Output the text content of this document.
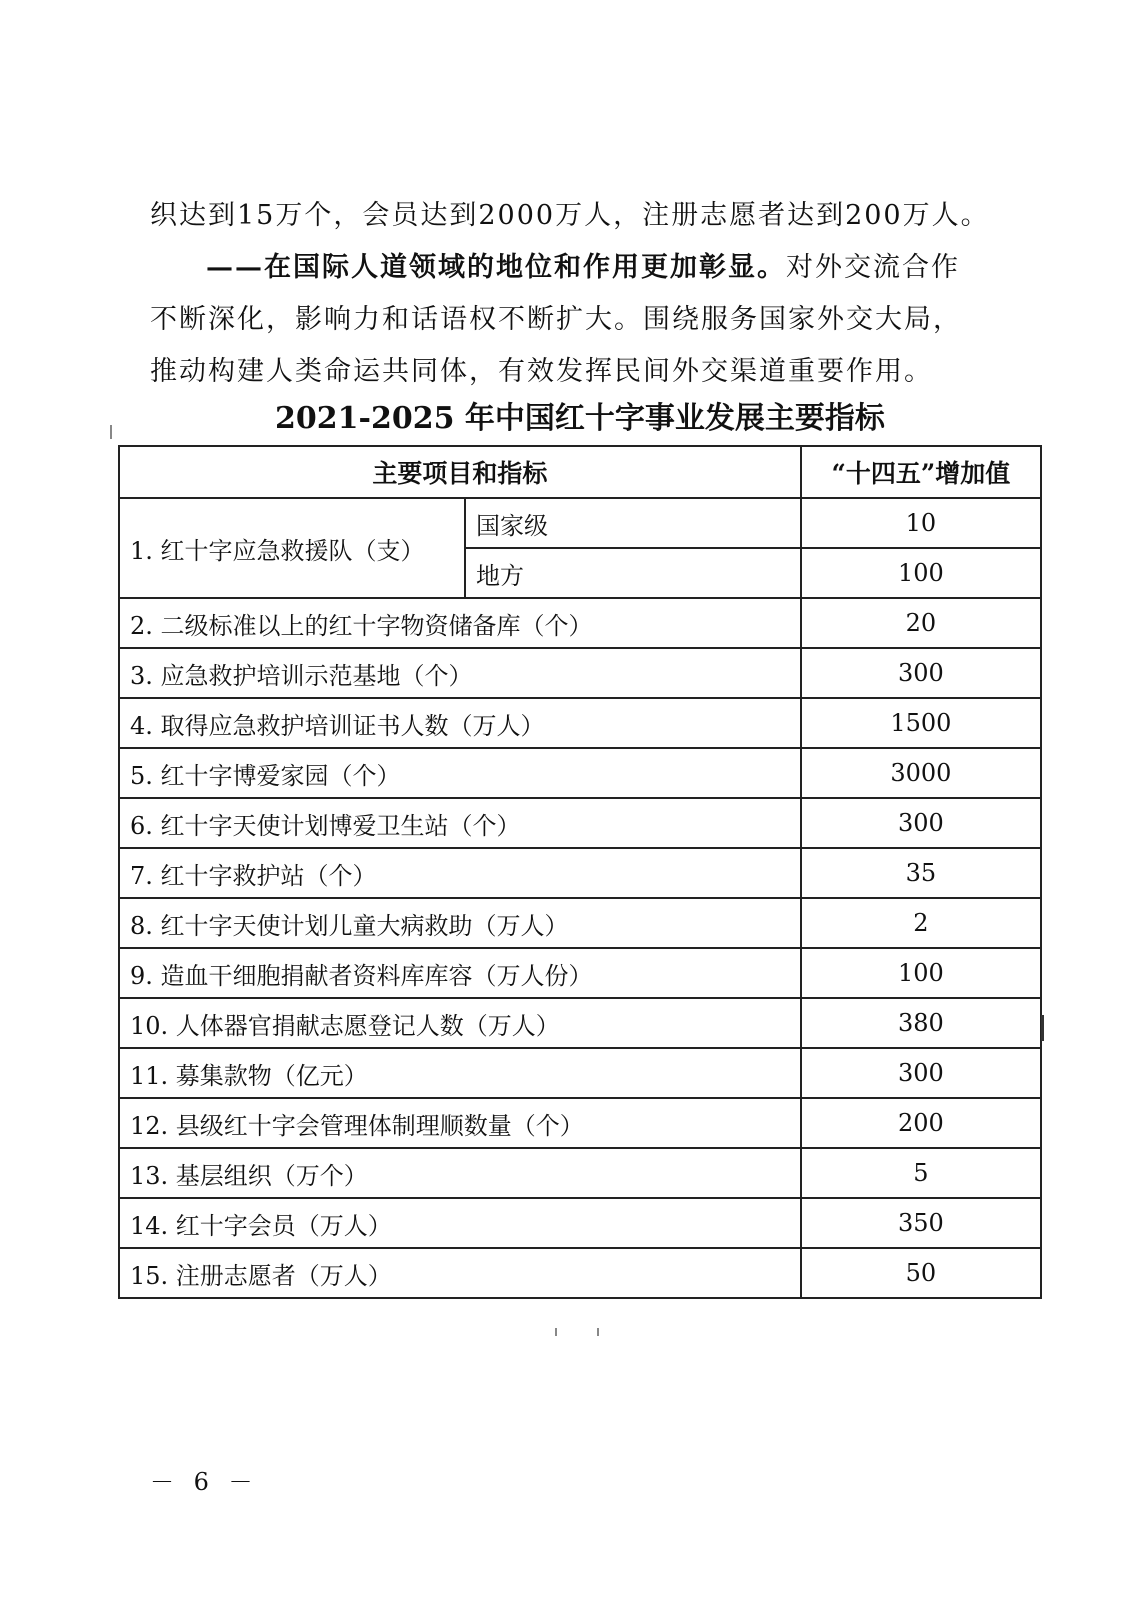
织达到15万个，会员达到2000万人，注册志愿者达到200万人。
——在国际人道领域的地位和作用更加彰显。对外交流合作
不断深化，影响力和话语权不断扩大。围绕服务国家外交大局，
推动构建人类命运共同体，有效发挥民间外交渠道重要作用。
2021-2025 年中国红十字事业发展主要指标
主要项目和指标		“十四五”增加值
1. 红十字应急救援队（支）	国家级	10
	地方	100
2. 二级标准以上的红十字物资储备库（个）		20
3. 应急救护培训示范基地（个）		300
4. 取得应急救护培训证书人数（万人）		1500
5. 红十字博爱家园（个）		3000
6. 红十字天使计划博爱卫生站（个）		300
7. 红十字救护站（个）		35
8. 红十字天使计划儿童大病救助（万人）		2
9. 造血干细胞捐献者资料库库容（万人份）		100
10. 人体器官捐献志愿登记人数（万人）		380
11. 募集款物（亿元）		300
12. 县级红十字会管理体制理顺数量（个）		200
13. 基层组织（万个）		5
14. 红十字会员（万人）		350
15. 注册志愿者（万人）		50
－ 6 －
